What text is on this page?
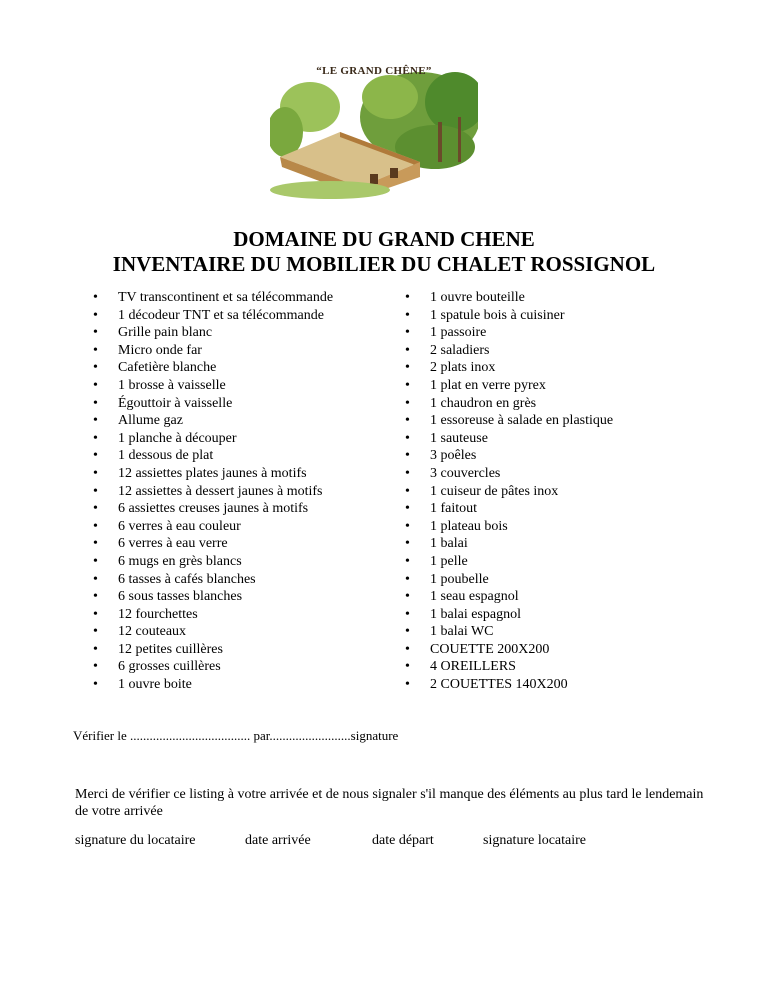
“LE GRAND CHÊNE”
DOMAINE DU GRAND CHENE
INVENTAIRE DU MOBILIER DU CHALET ROSSIGNOL
• TV transcontinent et sa télécommande
• 1 décodeur TNT et sa télécommande
• Grille pain blanc
• Micro onde far
• Cafetière blanche
• 1 brosse à vaisselle
• Égouttoir à vaisselle
• Allume gaz
• 1 planche à découper
• 1 dessous de plat
• 12 assiettes plates jaunes à motifs
• 12 assiettes à dessert jaunes à motifs
• 6 assiettes creuses jaunes à motifs
• 6 verres à eau couleur
• 6 verres à eau verre
• 6 mugs en grès blancs
• 6 tasses à cafés blanches
• 6 sous tasses blanches
• 12 fourchettes
• 12 couteaux
• 12 petites cuillères
• 6 grosses cuillères
• 1 ouvre boite
• 1 ouvre bouteille
• 1 spatule bois à cuisiner
• 1 passoire
• 2 saladiers
• 2 plats inox
• 1 plat en verre pyrex
• 1 chaudron en grès
• 1 essoreuse à salade en plastique
• 1 sauteuse
• 3 poêles
• 3 couvercles
• 1 cuiseur de pâtes inox
• 1 faitout
• 1 plateau bois
• 1 balai
• 1 pelle
• 1 poubelle
• 1 seau espagnol
• 1 balai espagnol
• 1 balai WC
• COUETTE 200X200
• 4 OREILLERS
• 2 COUETTES 140X200
Vérifier le ..................................... par.........................signature
Merci de vérifier ce listing à votre arrivée et de nous signaler s'il manque des éléments au plus tard le lendemain de votre arrivée
signature du locataire	date arrivée	date départ	signature locataire
